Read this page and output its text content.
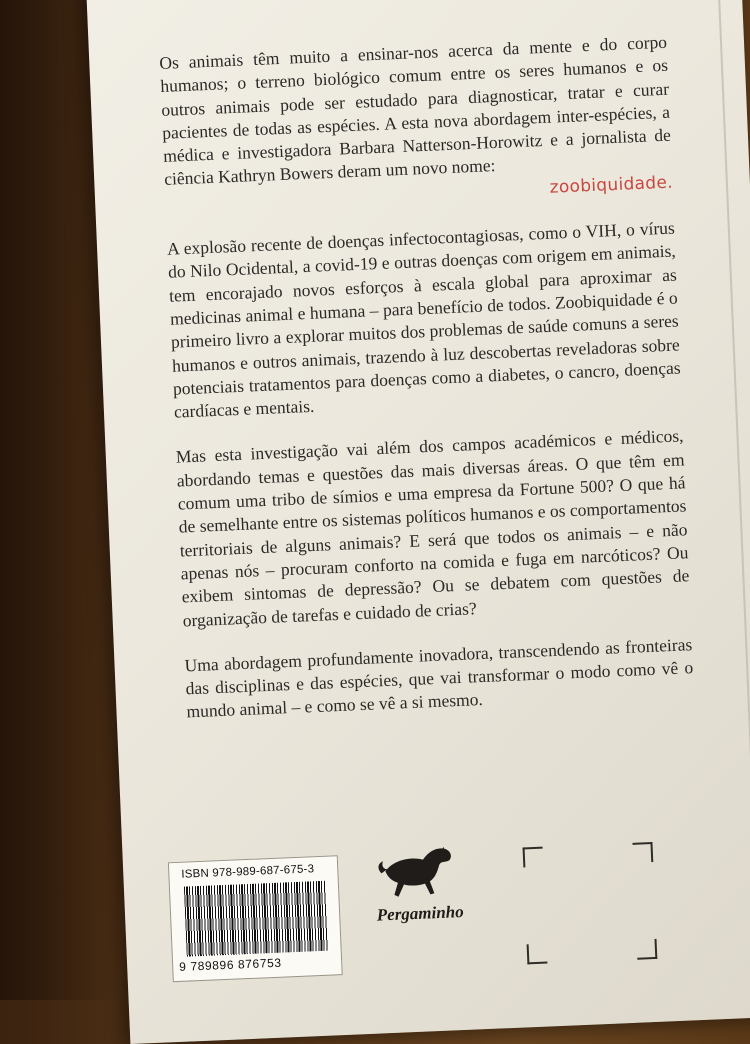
Os animais têm muito a ensinar-nos acerca da mente e do corpo humanos; o terreno biológico comum entre os seres humanos e os outros animais pode ser estudado para diagnosticar, tratar e curar pacientes de todas as espécies. A esta nova abordagem inter-espécies, a médica e investigadora Barbara Natterson-Horowitz e a jornalista de ciência Kathryn Bowers deram um novo nome:	zoobiquidade.

A explosão recente de doenças infectocontagiosas, como o VIH, o vírus do Nilo Ocidental, a covid-19 e outras doenças com origem em animais, tem encorajado novos esforços à escala global para aproximar as medicinas animal e humana – para benefício de todos. Zoobiquidade é o primeiro livro a explorar muitos dos problemas de saúde comuns a seres humanos e outros animais, trazendo à luz descobertas reveladoras sobre potenciais tratamentos para doenças como a diabetes, o cancro, doenças cardíacas e mentais.

Mas esta investigação vai além dos campos académicos e médicos, abordando temas e questões das mais diversas áreas. O que têm em comum uma tribo de símios e uma empresa da Fortune 500? O que há de semelhante entre os sistemas políticos humanos e os comportamentos territoriais de alguns animais? E será que todos os animais – e não apenas nós – procuram conforto na comida e fuga em narcóticos? Ou exibem sintomas de depressão? Ou se debatem com questões de organização de tarefas e cuidado de crias?

Uma abordagem profundamente inovadora, transcendendo as fronteiras das disciplinas e das espécies, que vai transformar o modo como vê o mundo animal – e como se vê a si mesmo.

ISBN 978-989-687-675-3
9 789896 876753
Pergaminho
